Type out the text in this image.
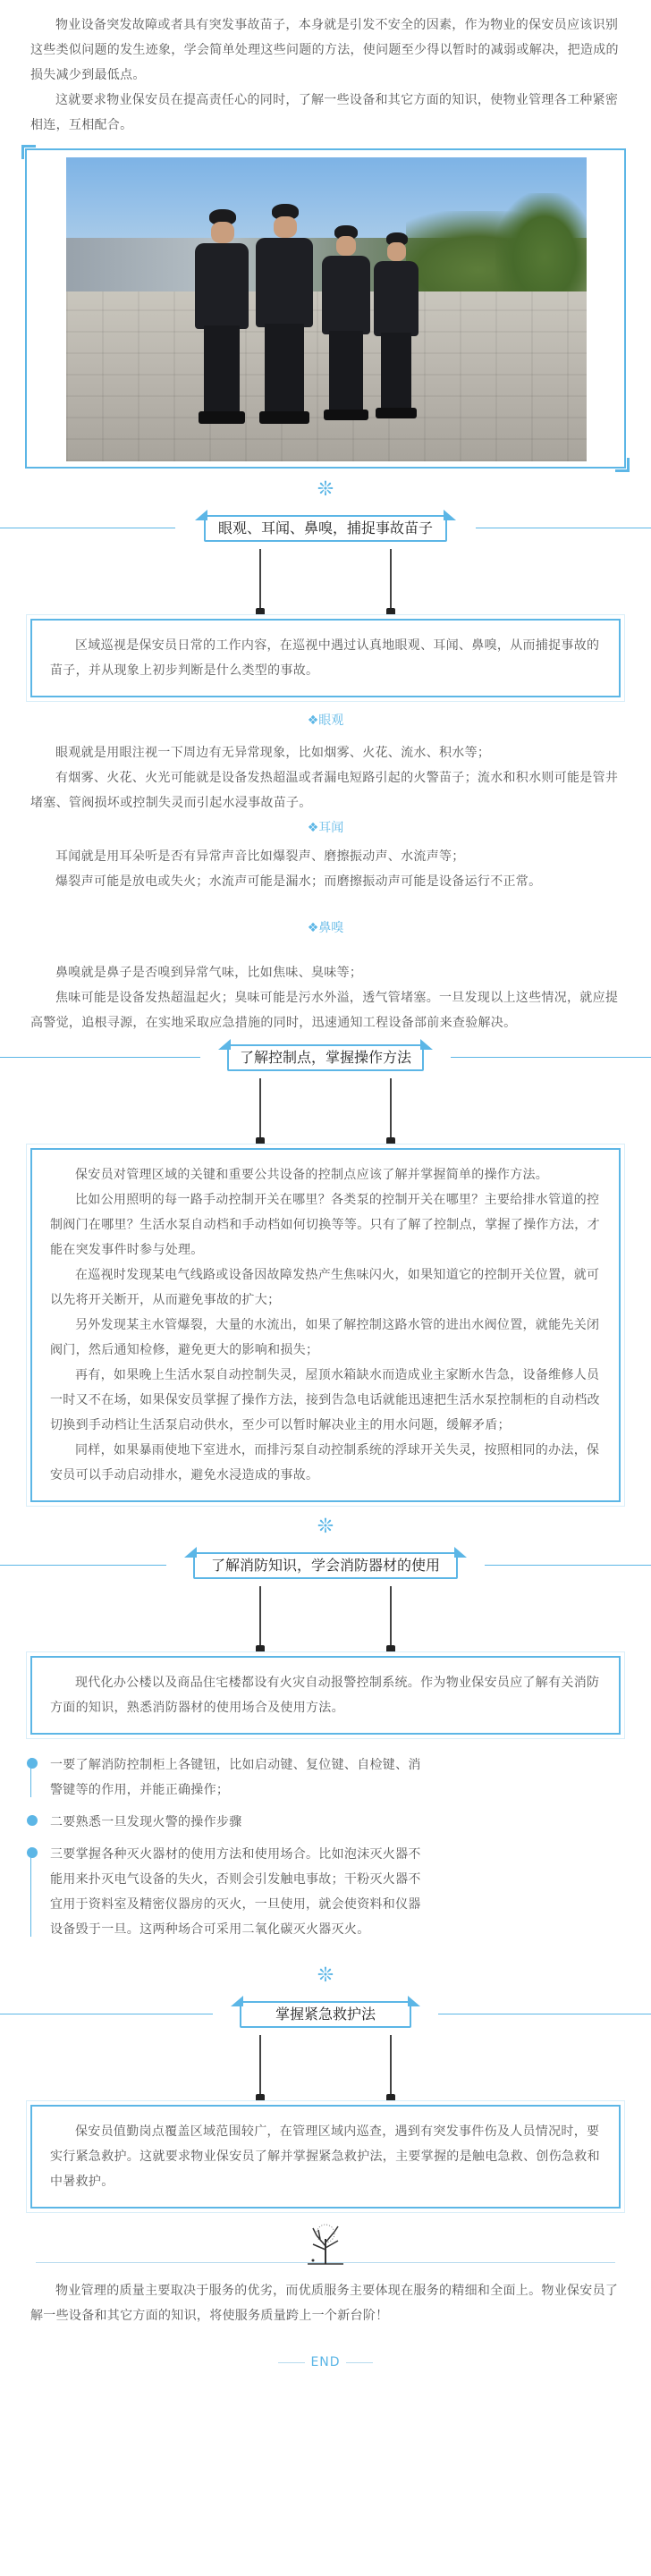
物业设备突发故障或者具有突发事故苗子，本身就是引发不安全的因素，作为物业的保安员应该识别这些类似问题的发生迹象，学会简单处理这些问题的方法，使问题至少得以暂时的减弱或解决，把造成的损失减少到最低点。

这就要求物业保安员在提高责任心的同时，了解一些设备和其它方面的知识，使物业管理各工种紧密相连，互相配合。

❊
眼观、耳闻、鼻嗅，捕捉事故苗子

区域巡视是保安员日常的工作内容，在巡视中遇过认真地眼观、耳闻、鼻嗅，从而捕捉事故的苗子，并从现象上初步判断是什么类型的事故。

❖眼观

眼观就是用眼注视一下周边有无异常现象，比如烟雾、火花、流水、积水等；

有烟雾、火花、火光可能就是设备发热超温或者漏电短路引起的火警苗子；流水和积水则可能是管井堵塞、管阀损坏或控制失灵而引起水浸事故苗子。

❖耳闻

耳闻就是用耳朵听是否有异常声音比如爆裂声、磨擦振动声、水流声等；

爆裂声可能是放电或失火；水流声可能是漏水；而磨擦振动声可能是设备运行不正常。

❖鼻嗅

鼻嗅就是鼻子是否嗅到异常气味，比如焦味、臭味等；

焦味可能是设备发热超温起火；臭味可能是污水外溢，透气管堵塞。一旦发现以上这些情况，就应提高警觉，追根寻源，在实地采取应急措施的同时，迅速通知工程设备部前来查验解决。

了解控制点，掌握操作方法

保安员对管理区域的关键和重要公共设备的控制点应该了解并掌握简单的操作方法。

比如公用照明的每一路手动控制开关在哪里？各类泵的控制开关在哪里？主要给排水管道的控制阀门在哪里？生活水泵自动档和手动档如何切换等等。只有了解了控制点，掌握了操作方法，才能在突发事件时参与处理。

在巡视时发现某电气线路或设备因故障发热产生焦味闪火，如果知道它的控制开关位置，就可以先将开关断开，从而避免事故的扩大；

另外发现某主水管爆裂，大量的水流出，如果了解控制这路水管的进出水阀位置，就能先关闭阀门，然后通知检修，避免更大的影响和损失；

再有，如果晚上生活水泵自动控制失灵，屋顶水箱缺水而造成业主家断水告急，设备维修人员一时又不在场，如果保安员掌握了操作方法，接到告急电话就能迅速把生活水泵控制柜的自动档改切换到手动档让生活泵启动供水，至少可以暂时解决业主的用水问题，缓解矛盾；

同样，如果暴雨使地下室进水，而排污泵自动控制系统的浮球开关失灵，按照相同的办法，保安员可以手动启动排水，避免水浸造成的事故。

❊
了解消防知识，学会消防器材的使用

现代化办公楼以及商品住宅楼都设有火灾自动报警控制系统。作为物业保安员应了解有关消防方面的知识，熟悉消防器材的使用场合及使用方法。

一要了解消防控制柜上各键钮，比如启动键、复位键、自检键、消警键等的作用，并能正确操作；

二要熟悉一旦发现火警的操作步骤

三要掌握各种灭火器材的使用方法和使用场合。比如泡沫灭火器不能用来扑灭电气设备的失火，否则会引发触电事故；干粉灭火器不宜用于资料室及精密仪器房的灭火，一旦使用，就会使资料和仪器设备毁于一旦。这两种场合可采用二氧化碳灭火器灭火。

❊
掌握紧急救护法

保安员值勤岗点覆盖区域范围较广，在管理区域内巡查，遇到有突发事件伤及人员情况时，要实行紧急救护。这就要求物业保安员了解并掌握紧急救护法，主要掌握的是触电急救、创伤急救和中暑救护。

物业管理的质量主要取决于服务的优劣，而优质服务主要体现在服务的精细和全面上。物业保安员了解一些设备和其它方面的知识，将使服务质量跨上一个新台阶！

END
